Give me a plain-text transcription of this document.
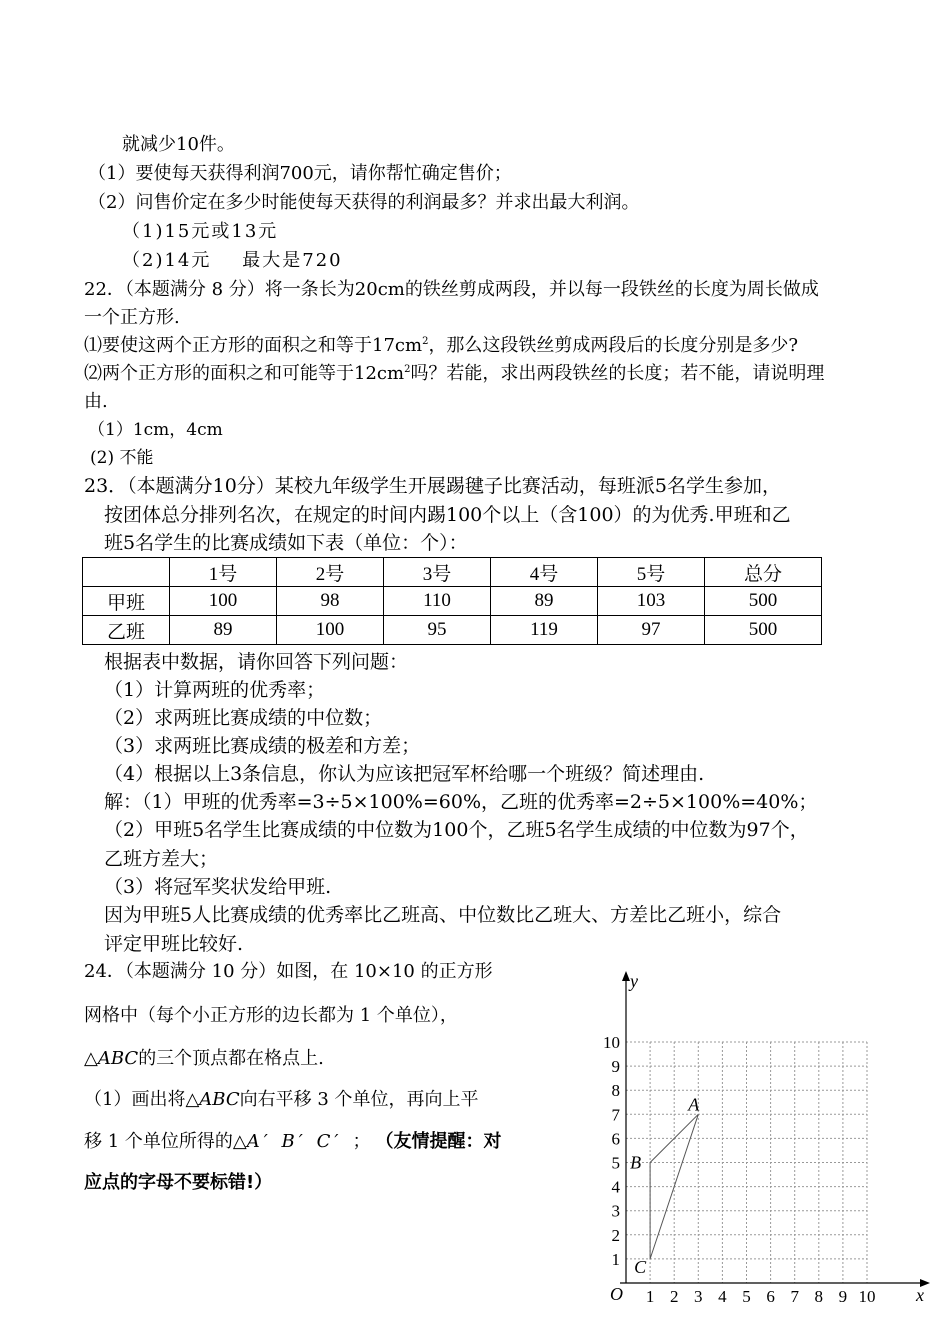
就减少10件。
（1）要使每天获得利润700元，请你帮忙确定售价；
（2）问售价定在多少时能使每天获得的利润最多？并求出最大利润。
（1)15元或13元
（2)14元    最大是720
22．（本题满分 8 分）将一条长为20cm的铁丝剪成两段，并以每一段铁丝的长度为周长做成
一个正方形.
⑴要使这两个正方形的面积之和等于$17cm^2$，那么这段铁丝剪成两段后的长度分别是多少?
⑵两个正方形的面积之和可能等于$12cm^2$吗？若能，求出两段铁丝的长度；若不能，请说明理
由.
（1）1cm，4cm
(2) 不能
23．（本题满分10分）某校九年级学生开展踢毽子比赛活动，每班派5名学生参加，
按团体总分排列名次，在规定的时间内踢100个以上（含100）的为优秀.甲班和乙
班5名学生的比赛成绩如下表（单位：个）：
	1号	2号	3号	4号	5号	总分
甲班	100	98	110	89	103	500
乙班	89	100	95	119	97	500
根据表中数据，请你回答下列问题：
（1）计算两班的优秀率；
（2）求两班比赛成绩的中位数；
（3）求两班比赛成绩的极差和方差；
（4）根据以上3条信息，你认为应该把冠军杯给哪一个班级？简述理由.
解：（1）甲班的优秀率=3÷5×100%=60%，乙班的优秀率=2÷5×100%=40%；
（2）甲班5名学生比赛成绩的中位数为100个，乙班5名学生成绩的中位数为97个，
乙班方差大；
（3）将冠军奖状发给甲班.
因为甲班5人比赛成绩的优秀率比乙班高、中位数比乙班大、方差比乙班小，综合
评定甲班比较好.
24．（本题满分 10 分）如图，在 10×10 的正方形
网格中（每个小正方形的边长都为 1 个单位），
△ABC的三个顶点都在格点上.
（1）画出将△ABC向右平移 3 个单位，再向上平
移 1 个单位所得的△A′ B′ C′ ； （友情提醒：对
应点的字母不要标错!）
y
x
O 1 2 3 4 5 6 7 8 9 10
1
2
3
4
5
6
7
8
9
10
A
B
C
